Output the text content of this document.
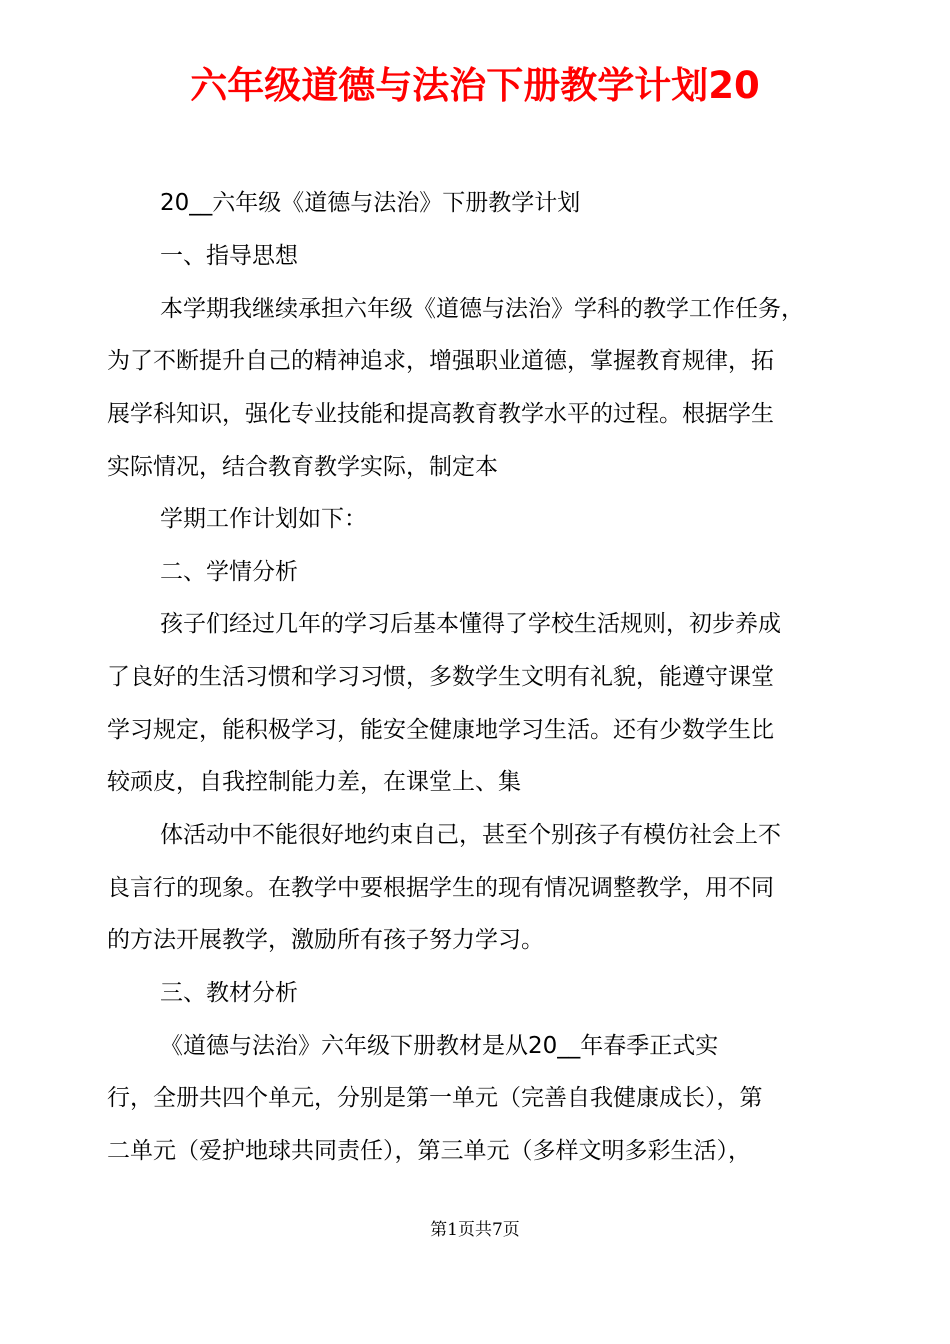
六年级道德与法治下册教学计划20
20__六年级《道德与法治》下册教学计划
一、指导思想
本学期我继续承担六年级《道德与法治》学科的教学工作任务，
为了不断提升自己的精神追求，增强职业道德，掌握教育规律，拓
展学科知识，强化专业技能和提高教育教学水平的过程。根据学生
实际情况，结合教育教学实际，制定本
学期工作计划如下：
二、学情分析
孩子们经过几年的学习后基本懂得了学校生活规则，初步养成
了良好的生活习惯和学习习惯，多数学生文明有礼貌，能遵守课堂
学习规定，能积极学习，能安全健康地学习生活。还有少数学生比
较顽皮，自我控制能力差，在课堂上、集
体活动中不能很好地约束自己，甚至个别孩子有模仿社会上不
良言行的现象。在教学中要根据学生的现有情况调整教学，用不同
的方法开展教学，激励所有孩子努力学习。
三、教材分析
《道德与法治》六年级下册教材是从20__年春季正式实
行，全册共四个单元，分别是第一单元（完善自我健康成长），第
二单元（爱护地球共同责任），第三单元（多样文明多彩生活），
第1页共7页
